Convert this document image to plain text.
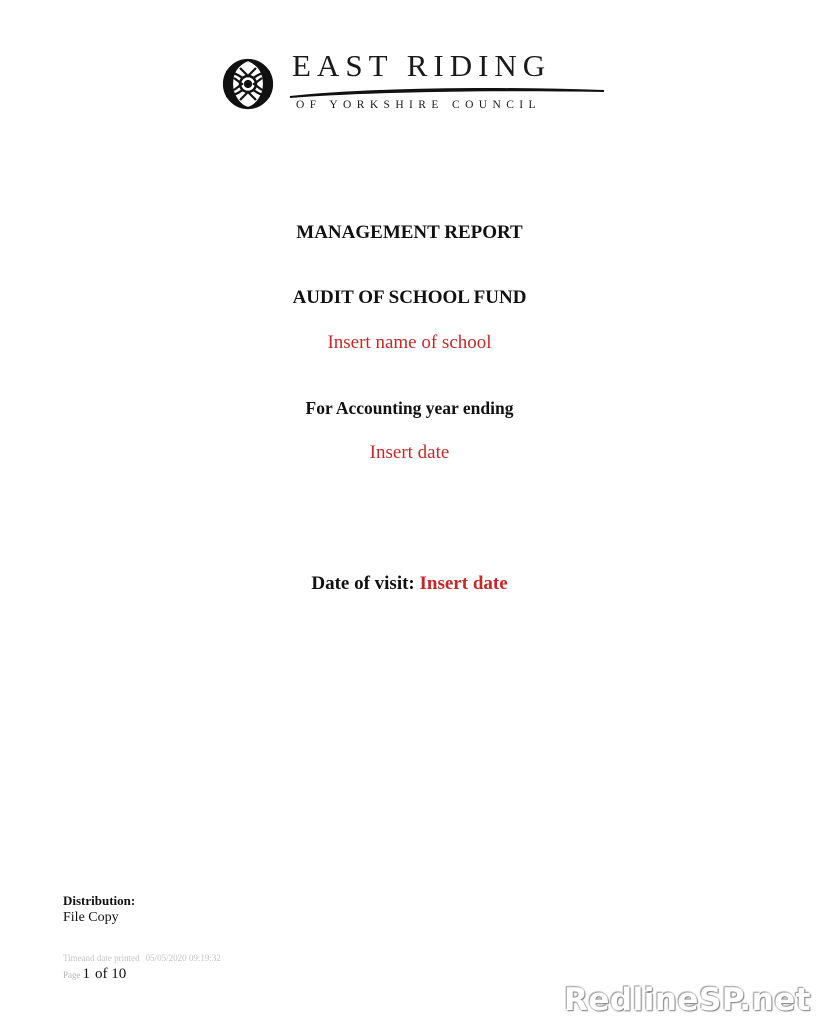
EAST RIDING
OF YORKSHIRE COUNCIL
MANAGEMENT REPORT
AUDIT OF SCHOOL FUND
Insert name of school
For Accounting year ending
Insert date
Date of visit: Insert date
Distribution:
File Copy
Timeand date printed 05/05/2020 09:19:32
Page 1 of 10
RedlineSP.net
